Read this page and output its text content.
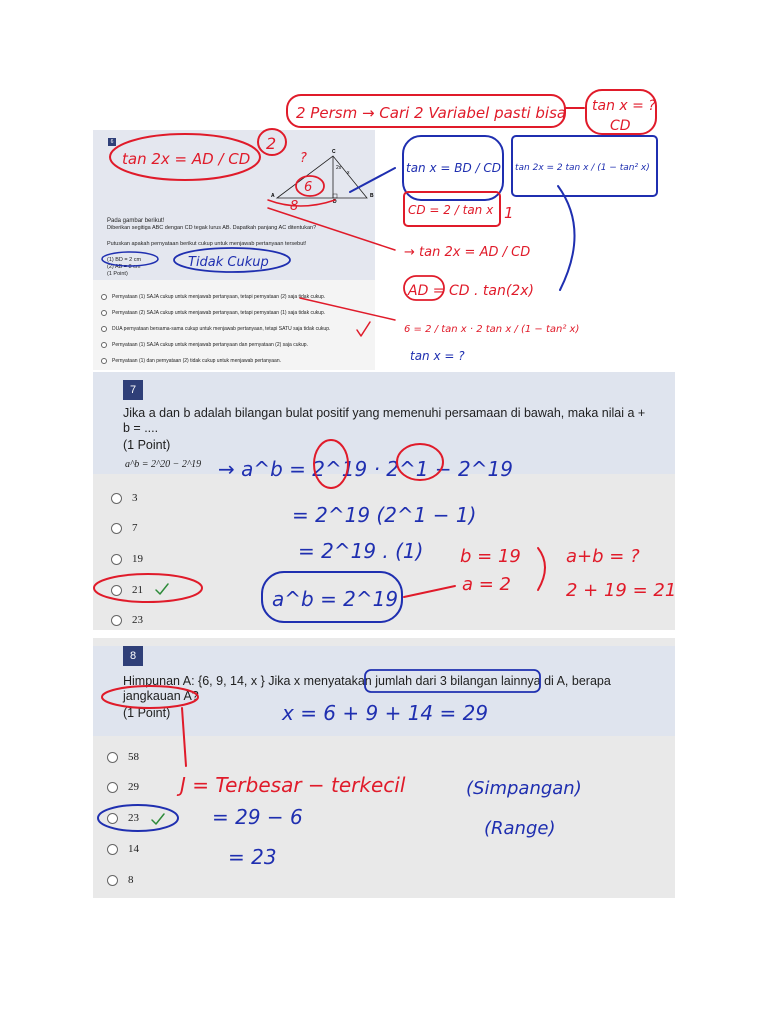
6
A	B
C
D
2x
x
Pada gambar berikut!
Diberikan segitiga ABC dengan CD tegak lurus AB. Dapatkah panjang AC ditentukan?
Putuskan apakah pernyataan berikut cukup untuk menjawab pertanyaan tersebut!
(1) BD = 2 cm
(2) AB = 8 cm
(1 Point)
Pernyataan (1) SAJA cukup untuk menjawab pertanyaan, tetapi pernyataan (2) saja tidak cukup.
Pernyataan (2) SAJA cukup untuk menjawab pertanyaan, tetapi pernyataan (1) saja tidak cukup.
DUA pernyataan bersama-sama cukup untuk menjawab pertanyaan, tetapi SATU saja tidak cukup.
Pernyataan (1) SAJA cukup untuk menjawab pertanyaan dan pernyataan (2) saja cukup.
Pernyataan (1) dan pernyataan (2) tidak cukup untuk menjawab pertanyaan.
7
Jika a dan b adalah bilangan bulat positif yang memenuhi persamaan di bawah, maka nilai a + b = ....
(1 Point)
a^b = 2^20 − 2^19
3
7
19
21
23
8
Himpunan A: {6, 9, 14, x } Jika x menyatakan jumlah dari 3 bilangan lainnya di A, berapa jangkauan A?
(1 Point)
58
29
23
14
8
2 Persm → Cari 2 Variabel pasti bisa tan x = ?
CD
tan 2x = AD / CD
2
?
6
8
tan x = BD / CD tan 2x = 2 tan x / (1 − tan² x)
Tidak Cukup
CD = 2 / tan x 1
→ tan 2x = AD / CD
AD = CD . tan(2x)
6 = 2 / tan x · 2 tan x / (1 − tan² x)
tan x = ?
→ a^b = 2^19 · 2^1 − 2^19
= 2^19 (2^1 − 1)
= 2^19 . (1)
a^b = 2^19
b = 19
a = 2
a+b = ?
2 + 19 = 21
x = 6 + 9 + 14 = 29
J = Terbesar − terkecil	(Simpangan)
(Range)
= 29 − 6
= 23
